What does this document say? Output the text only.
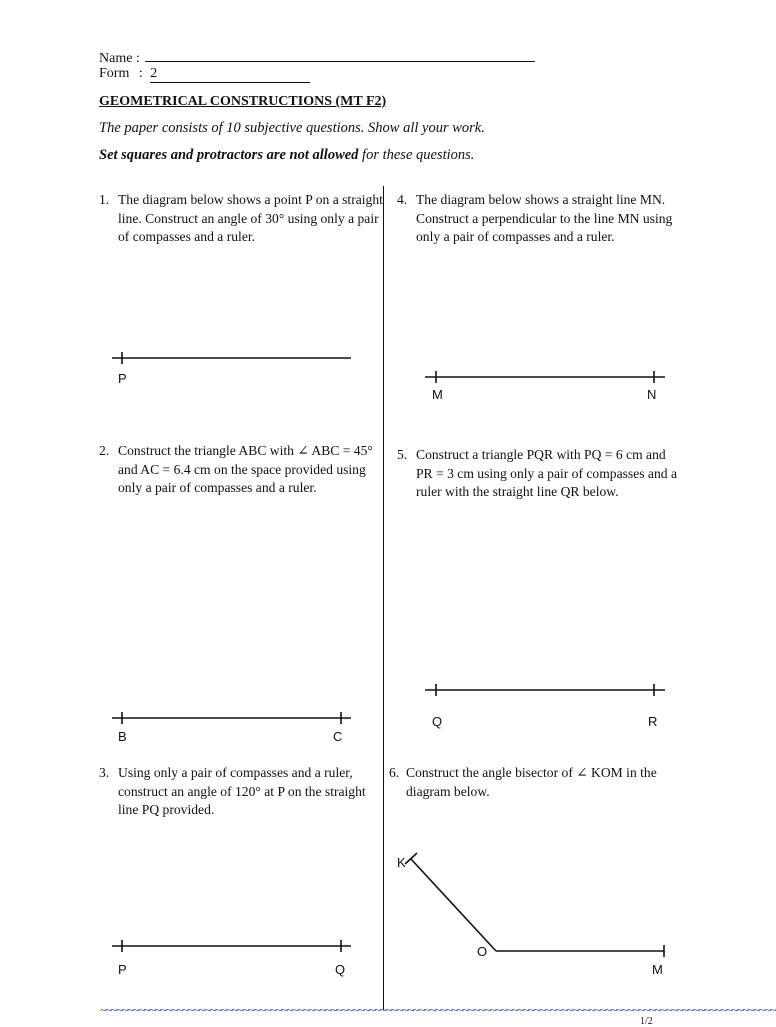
Name :
Form : 2
GEOMETRICAL CONSTRUCTIONS (MT F2)
The paper consists of 10 subjective questions. Show all your work.
Set squares and protractors are not allowed for these questions.
1. The diagram below shows a point P on a straight line. Construct an angle of 30° using only a pair of compasses and a ruler.
2. Construct the triangle ABC with ∠ ABC = 45° and AC = 6.4 cm on the space provided using only a pair of compasses and a ruler.
3. Using only a pair of compasses and a ruler, construct an angle of 120° at P on the straight line PQ provided.
4. The diagram below shows a straight line MN. Construct a perpendicular to the line MN using only a pair of compasses and a ruler.
5. Construct a triangle PQR with PQ = 6 cm and PR = 3 cm using only a pair of compasses and a ruler with the straight line QR below.
6. Construct the angle bisector of ∠ KOM in the diagram below.
P
B	C
P	Q
M	N
Q	R
K
O
M
~~~~~~~~~~~~~~~~~~~~~~~~~~~~~~~~~~~~~~~~~~~~~~~~~~~~~~~~~~~~~~~~~~~~~~~~~~~~~~~~~~~~~~~~~~~~~~~~~~~~~~~~~~~~~~~~~~~~~~~~~~~
1/2
